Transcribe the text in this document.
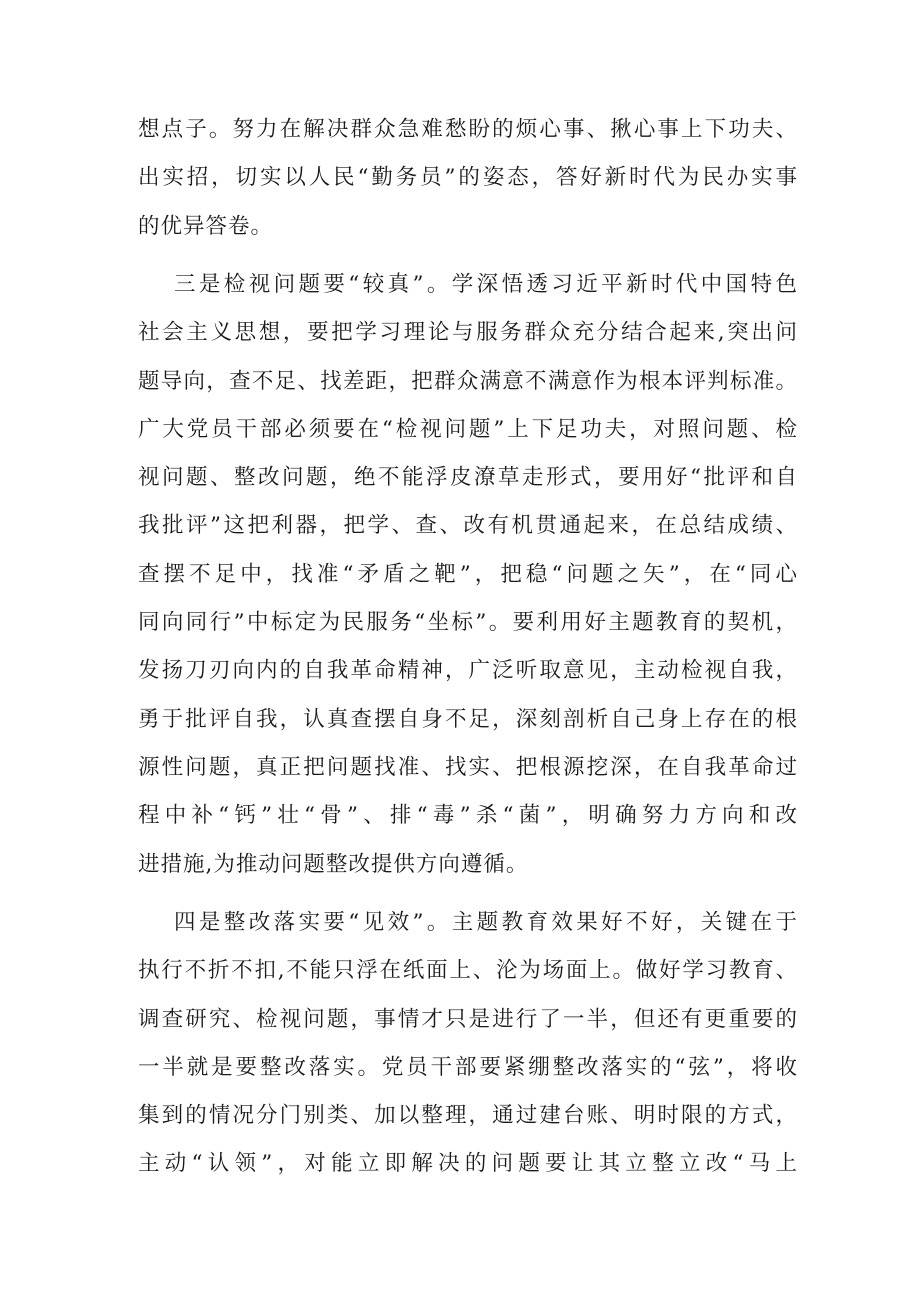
想点子。努力在解决群众急难愁盼的烦心事、揪心事上下功夫、
出实招，切实以人民“勤务员”的姿态，答好新时代为民办实事
的优异答卷。

三是检视问题要“较真”。学深悟透习近平新时代中国特色
社会主义思想，要把学习理论与服务群众充分结合起来,突出问
题导向，查不足、找差距，把群众满意不满意作为根本评判标准。
广大党员干部必须要在“检视问题”上下足功夫，对照问题、检
视问题、整改问题，绝不能浮皮潦草走形式，要用好“批评和自
我批评”这把利器，把学、查、改有机贯通起来，在总结成绩、
查摆不足中，找准“矛盾之靶”，把稳“问题之矢”，在“同心
同向同行”中标定为民服务“坐标”。要利用好主题教育的契机，
发扬刀刃向内的自我革命精神，广泛听取意见，主动检视自我，
勇于批评自我，认真查摆自身不足，深刻剖析自己身上存在的根
源性问题，真正把问题找准、找实、把根源挖深，在自我革命过
程中补“钙”壮“骨”、排“毒”杀“菌”，明确努力方向和改
进措施,为推动问题整改提供方向遵循。

四是整改落实要“见效”。主题教育效果好不好，关键在于
执行不折不扣,不能只浮在纸面上、沦为场面上。做好学习教育、
调查研究、检视问题，事情才只是进行了一半，但还有更重要的
一半就是要整改落实。党员干部要紧绷整改落实的“弦”，将收
集到的情况分门别类、加以整理，通过建台账、明时限的方式，
主动“认领”，对能立即解决的问题要让其立整立改“马上
